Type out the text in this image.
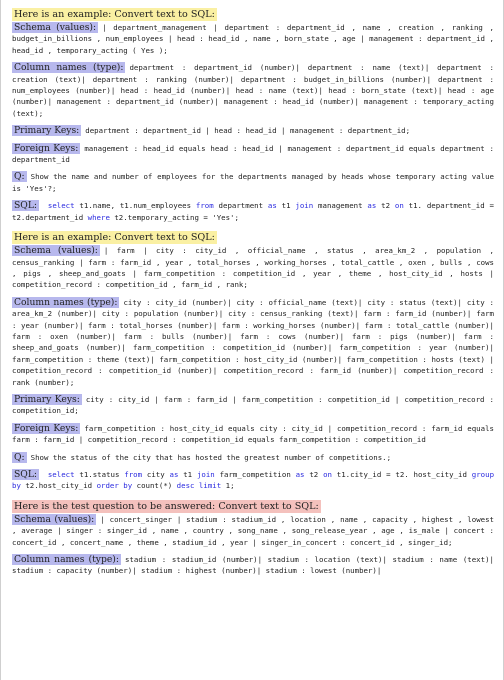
Here is an example: Convert text to SQL:
Schema (values): | department_management | department : department_id , name , creation , ranking , budget_in_billions , num_employees | head : head_id , name , born_state , age | management : department_id , head_id , temporary_acting ( Yes );
Column names (type): department : department_id (number)| department : name (text)| department : creation (text)| department : ranking (number)| department : budget_in_billions (number)| department : num_employees (number)| head : head_id (number)| head : name (text)| head : born_state (text)| head : age (number)| management : department_id (number)| management : head_id (number)| management : temporary_acting (text);
Primary Keys: department : department_id | head : head_id | management : department_id;
Foreign Keys: management : head_id equals head : head_id | management : department_id equals department : department_id
Q: Show the name and number of employees for the departments managed by heads whose temporary acting value is 'Yes'?;
SQL: select t1.name, t1.num_employees from department as t1 join management as t2 on t1. department_id = t2.department_id where t2.temporary_acting = 'Yes';
Here is an example: Convert text to SQL:
Schema (values): | farm | city : city_id , official_name , status , area_km_2 , population , census_ranking | farm : farm_id , year , total_horses , working_horses , total_cattle , oxen , bulls , cows , pigs , sheep_and_goats | farm_competition : competition_id , year , theme , host_city_id , hosts | competition_record : competition_id , farm_id , rank;
Column names (type): city : city_id (number)| city : official_name (text)| city : status (text)| city : area_km_2 (number)| city : population (number)| city : census_ranking (text)| farm : farm_id (number)| farm : year (number)| farm : total_horses (number)| farm : working_horses (number)| farm : total_cattle (number)| farm : oxen (number)| farm : bulls (number)| farm : cows (number)| farm : pigs (number)| farm : sheep_and_goats (number)| farm_competition : competition_id (number)| farm_competition : year (number)| farm_competition : theme (text)| farm_competition : host_city_id (number)| farm_competition : hosts (text) | competition_record : competition_id (number)| competition_record : farm_id (number)| competition_record : rank (number);
Primary Keys: city : city_id | farm : farm_id | farm_competition : competition_id | competition_record : competition_id;
Foreign Keys: farm_competition : host_city_id equals city : city_id | competition_record : farm_id equals farm : farm_id | competition_record : competition_id equals farm_competition : competition_id
Q: Show the status of the city that has hosted the greatest number of competitions.;
SQL: select t1.status from city as t1 join farm_competition as t2 on t1.city_id = t2. host_city_id group by t2.host_city_id order by count(*) desc limit 1;
Here is the test question to be answered: Convert text to SQL:
Schema (values): | concert_singer | stadium : stadium_id , location , name , capacity , highest , lowest , average | singer : singer_id , name , country , song_name , song_release_year , age , is_male | concert : concert_id , concert_name , theme , stadium_id , year | singer_in_concert : concert_id , singer_id;
Column names (type): stadium : stadium_id (number)| stadium : location (text)| stadium : name (text)| stadium : capacity (number)| stadium : highest (number)| stadium : lowest (number)|
